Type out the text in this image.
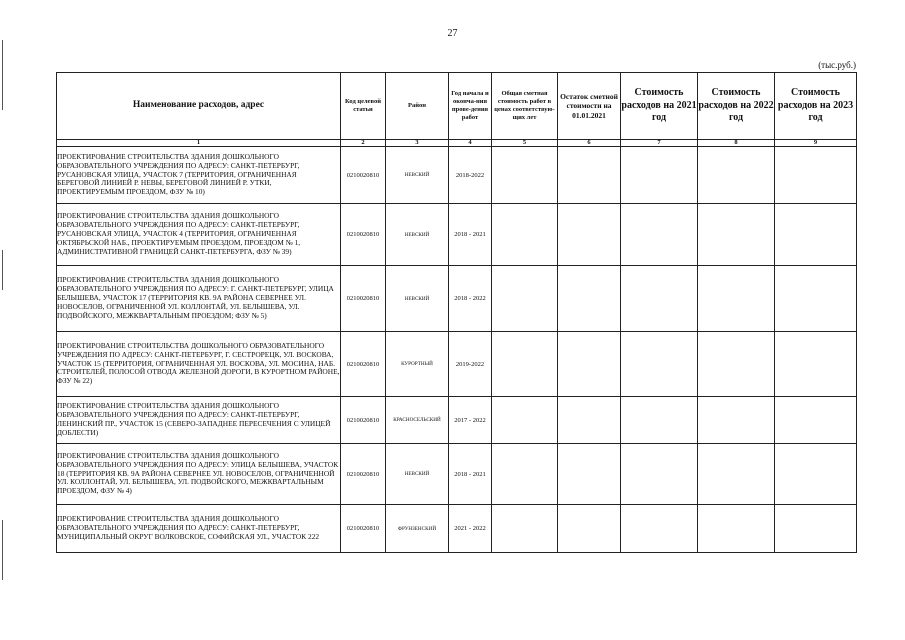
27
(тыс.руб.)
Наименование расходов, адрес	Код целевой статьи	Район	Год начала и оконча-ния прове-дения работ	Общая сметная стоимость работ в ценах соответствую-щих лет	Остаток сметной стоимости на 01.01.2021	Стоимость расходов на 2021 год	Стоимость расходов на 2022 год	Стоимость расходов на 2023 год
1	2	3	4	5	6	7	8	9
ПРОЕКТИРОВАНИЕ СТРОИТЕЛЬСТВА ЗДАНИЯ ДОШКОЛЬНОГО ОБРАЗОВАТЕЛЬНОГО УЧРЕЖДЕНИЯ ПО АДРЕСУ: САНКТ-ПЕТЕРБУРГ, РУСАНОВСКАЯ УЛИЦА, УЧАСТОК 7 (ТЕРРИТОРИЯ, ОГРАНИЧЕННАЯ БЕРЕГОВОЙ ЛИНИЕЙ Р. НЕВЫ, БЕРЕГОВОЙ ЛИНИЕЙ Р. УТКИ, ПРОЕКТИРУЕМЫМ ПРОЕЗДОМ, ФЗУ № 10)	0210020810	НЕВСКИЙ	2018-2022					
ПРОЕКТИРОВАНИЕ СТРОИТЕЛЬСТВА ЗДАНИЯ ДОШКОЛЬНОГО ОБРАЗОВАТЕЛЬНОГО УЧРЕЖДЕНИЯ ПО АДРЕСУ: САНКТ-ПЕТЕРБУРГ, РУСАНОВСКАЯ УЛИЦА, УЧАСТОК 4 (ТЕРРИТОРИЯ, ОГРАНИЧЕННАЯ ОКТЯБРЬСКОЙ НАБ., ПРОЕКТИРУЕМЫМ ПРОЕЗДОМ, ПРОЕЗДОМ № 1, АДМИНИСТРАТИВНОЙ ГРАНИЦЕЙ САНКТ-ПЕТЕРБУРГА, ФЗУ № 39)	0210020810	НЕВСКИЙ	2018 - 2021					
ПРОЕКТИРОВАНИЕ СТРОИТЕЛЬСТВА ЗДАНИЯ ДОШКОЛЬНОГО ОБРАЗОВАТЕЛЬНОГО УЧРЕЖДЕНИЯ ПО АДРЕСУ: Г. САНКТ-ПЕТЕРБУРГ, УЛИЦА БЕЛЫШЕВА, УЧАСТОК 17 (ТЕРРИТОРИЯ КВ. 9А РАЙОНА СЕВЕРНЕЕ УЛ. НОВОСЕЛОВ, ОГРАНИЧЕННОЙ УЛ. КОЛЛОНТАЙ, УЛ. БЕЛЫШЕВА, УЛ. ПОДВОЙСКОГО, МЕЖКВАРТАЛЬНЫМ ПРОЕЗДОМ; ФЗУ № 5)	0210020810	НЕВСКИЙ	2018 - 2022					
ПРОЕКТИРОВАНИЕ СТРОИТЕЛЬСТВА ДОШКОЛЬНОГО ОБРАЗОВАТЕЛЬНОГО УЧРЕЖДЕНИЯ ПО АДРЕСУ: САНКТ-ПЕТЕРБУРГ, Г. СЕСТРОРЕЦК, УЛ. ВОСКОВА, УЧАСТОК 15 (ТЕРРИТОРИЯ, ОГРАНИЧЕННАЯ УЛ. ВОСКОВА, УЛ. МОСИНА, НАБ. СТРОИТЕЛЕЙ, ПОЛОСОЙ ОТВОДА ЖЕЛЕЗНОЙ ДОРОГИ, В КУРОРТНОМ РАЙОНЕ, ФЗУ № 22)	0210020810	КУРОРТНЫЙ	2019-2022					
ПРОЕКТИРОВАНИЕ СТРОИТЕЛЬСТВА ЗДАНИЯ ДОШКОЛЬНОГО ОБРАЗОВАТЕЛЬНОГО УЧРЕЖДЕНИЯ ПО АДРЕСУ: САНКТ-ПЕТЕРБУРГ, ЛЕНИНСКИЙ ПР., УЧАСТОК 15 (СЕВЕРО-ЗАПАДНЕЕ ПЕРЕСЕЧЕНИЯ С УЛИЦЕЙ ДОБЛЕСТИ)	0210020810	КРАСНОСЕЛЬСКИЙ	2017 - 2022					
ПРОЕКТИРОВАНИЕ СТРОИТЕЛЬСТВА ЗДАНИЯ ДОШКОЛЬНОГО ОБРАЗОВАТЕЛЬНОГО УЧРЕЖДЕНИЯ ПО АДРЕСУ: УЛИЦА БЕЛЫШЕВА, УЧАСТОК 18 (ТЕРРИТОРИЯ КВ. 9А РАЙОНА СЕВЕРНЕЕ УЛ. НОВОСЕЛОВ, ОГРАНИЧЕННОЙ УЛ. КОЛЛОНТАЙ, УЛ. БЕЛЫШЕВА, УЛ. ПОДВОЙСКОГО, МЕЖКВАРТАЛЬНЫМ ПРОЕЗДОМ, ФЗУ № 4)	0210020810	НЕВСКИЙ	2018 - 2021					
ПРОЕКТИРОВАНИЕ СТРОИТЕЛЬСТВА ЗДАНИЯ ДОШКОЛЬНОГО ОБРАЗОВАТЕЛЬНОГО УЧРЕЖДЕНИЯ ПО АДРЕСУ: САНКТ-ПЕТЕРБУРГ, МУНИЦИПАЛЬНЫЙ ОКРУГ ВОЛКОВСКОЕ, СОФИЙСКАЯ УЛ., УЧАСТОК 222	0210020810	ФРУНЗЕНСКИЙ	2021 - 2022					
